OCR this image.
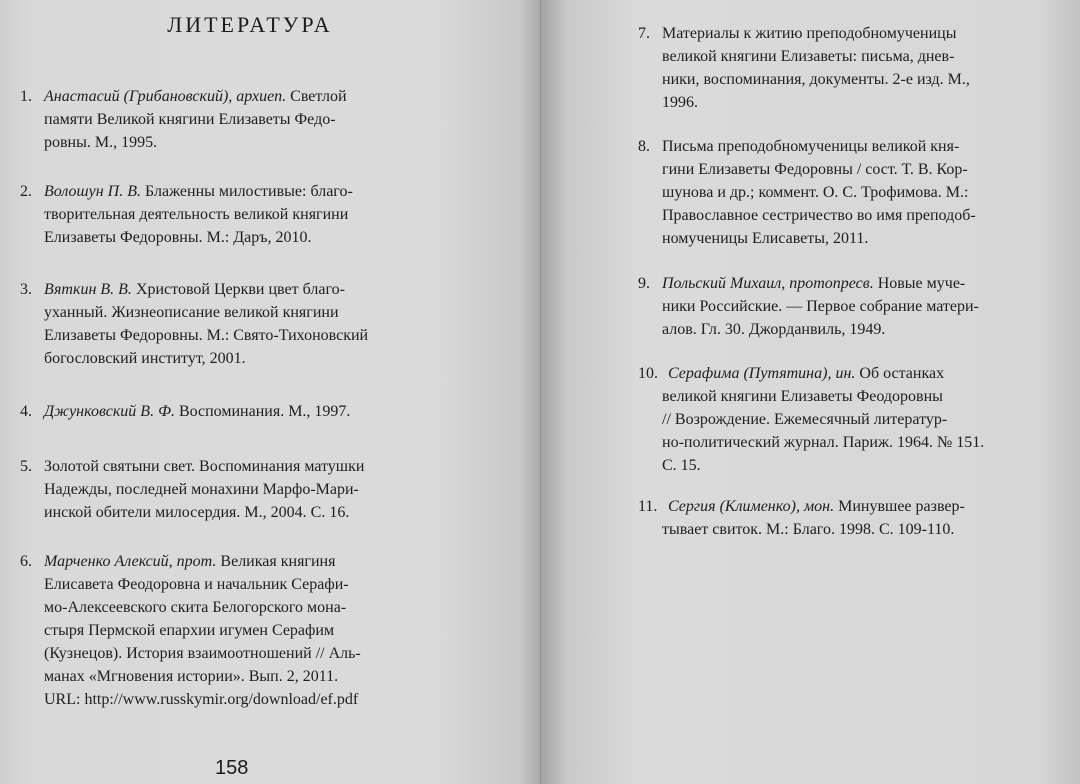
ЛИТЕРАТУРА
1. Анастасий (Грибановский), архиеп. Светлой
памяти Великой княгини Елизаветы Федо-
ровны. М., 1995.
2. Волошун П. В. Блаженны милостивые: благо-
творительная деятельность великой княгини
Елизаветы Федоровны. М.: Даръ, 2010.
3. Вяткин В. В. Христовой Церкви цвет благо-
уханный. Жизнеописание великой княгини
Елизаветы Федоровны. М.: Свято-Тихоновский
богословский институт, 2001.
4. Джунковский В. Ф. Воспоминания. М., 1997.
5. Золотой святыни свет. Воспоминания матушки
Надежды, последней монахини Марфо-Мари-
инской обители милосердия. М., 2004. С. 16.
6. Марченко Алексий, прот. Великая княгиня
Елисавета Феодоровна и начальник Серафи-
мо-Алексеевского скита Белогорского мона-
стыря Пермской епархии игумен Серафим
(Кузнецов). История взаимоотношений // Аль-
манах «Мгновения истории». Вып. 2, 2011.
URL: http://www.russkymir.org/download/ef.pdf
158
7. Материалы к житию преподобномученицы
великой княгини Елизаветы: письма, днев-
ники, воспоминания, документы. 2-е изд. М.,
1996.
8. Письма преподобномученицы великой кня-
гини Елизаветы Федоровны / сост. Т. В. Кор-
шунова и др.; коммент. О. С. Трофимова. М.:
Православное сестричество во имя преподоб-
номученицы Елисаветы, 2011.
9. Польский Михаил, протопресв. Новые муче-
ники Российские. — Первое собрание матери-
алов. Гл. 30. Джорданвиль, 1949.
10. Серафима (Путятина), ин. Об останках
великой княгини Елизаветы Феодоровны
// Возрождение. Ежемесячный литератур-
но-политический журнал. Париж. 1964. № 151.
С. 15.
11. Сергия (Клименко), мон. Минувшее развер-
тывает свиток. М.: Благо. 1998. С. 109-110.
